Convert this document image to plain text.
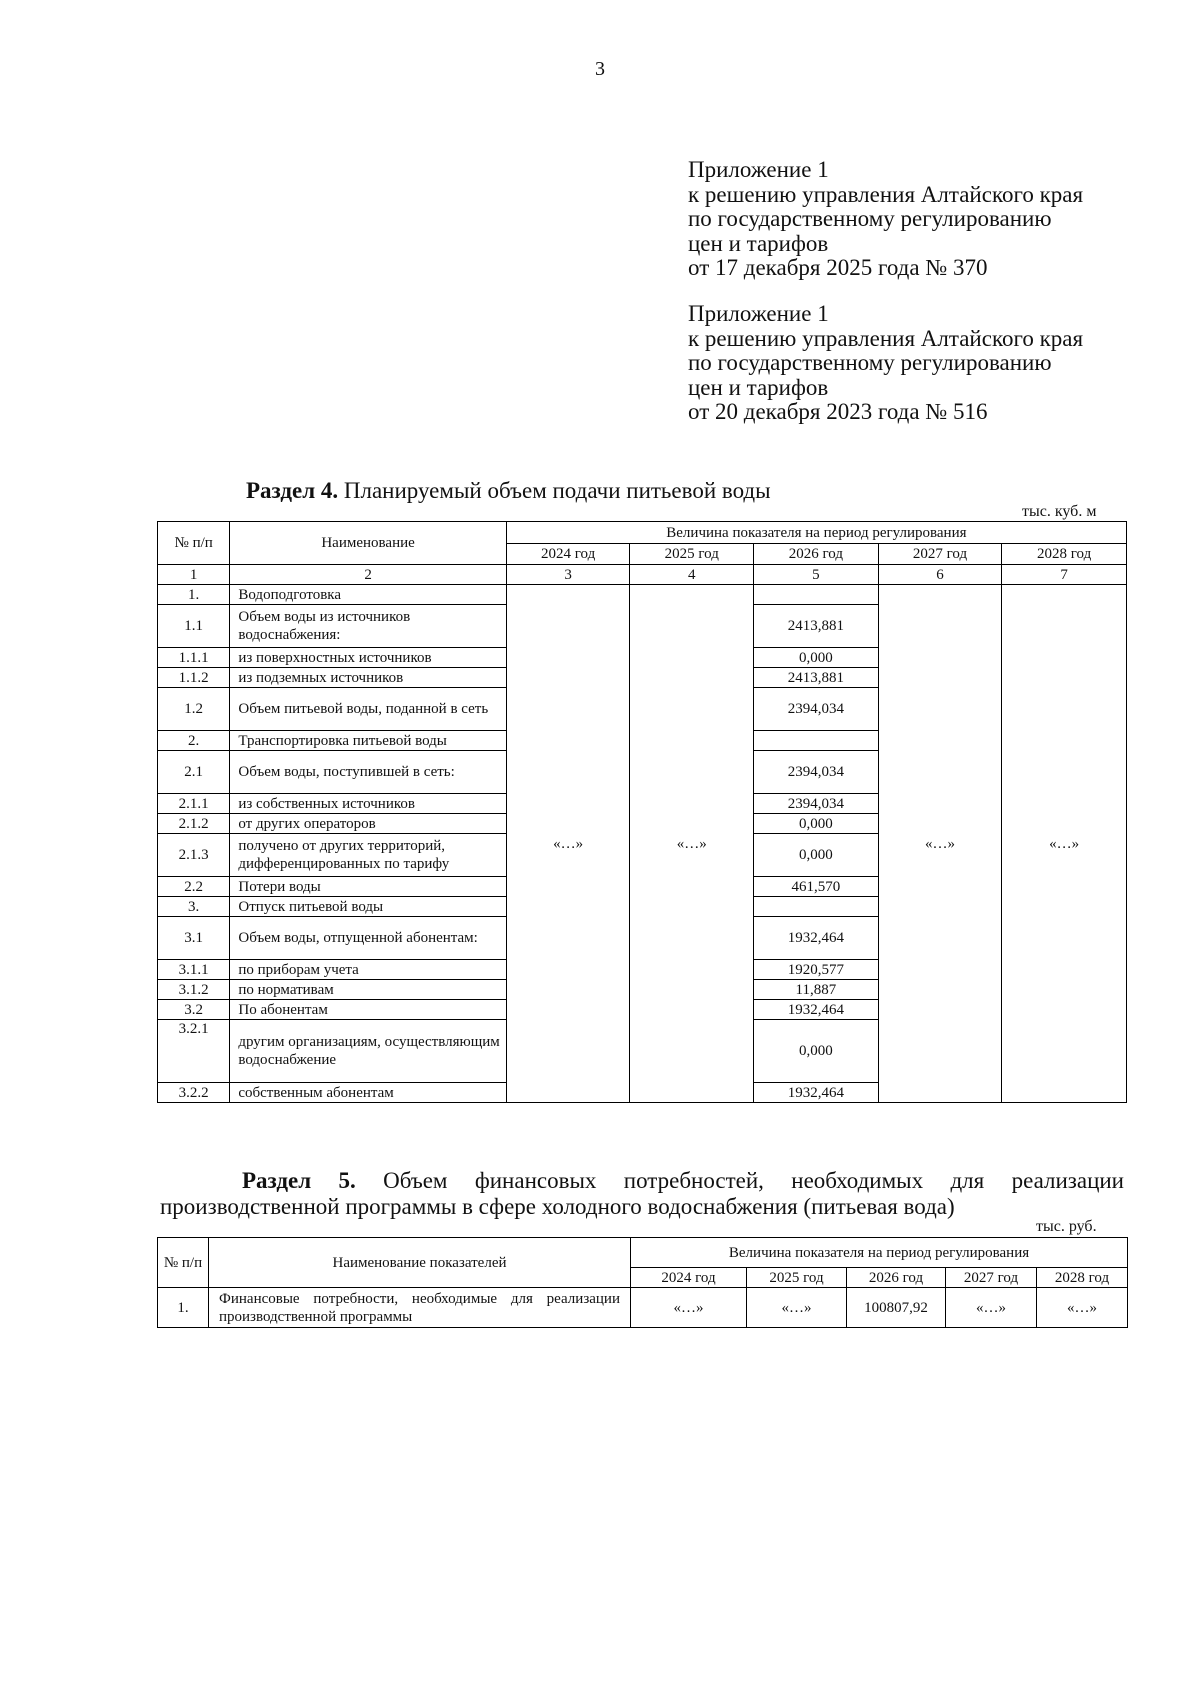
3
Приложение 1
к решению управления Алтайского края
по государственному регулированию
цен и тарифов
от 17 декабря 2025 года № 370
Приложение 1
к решению управления Алтайского края
по государственному регулированию
цен и тарифов
от 20 декабря 2023 года № 516
Раздел 4. Планируемый объем подачи питьевой воды
тыс. куб. м
№ п/п	Наименование	Величина показателя на период регулирования				
		2024 год	2025 год	2026 год	2027 год	2028 год
1	2	3	4	5	6	7
1.	Водоподготовка	«…»	«…»		«…»	«…»
1.1	Объем воды из источников водоснабжения:			2413,881		
1.1.1	из поверхностных источников			0,000		
1.1.2	из подземных источников			2413,881		
1.2	Объем питьевой воды, поданной в сеть			2394,034		
2.	Транспортировка питьевой воды					
2.1	Объем воды, поступившей в сеть:			2394,034		
2.1.1	из собственных источников			2394,034		
2.1.2	от других операторов			0,000		
2.1.3	получено от других территорий, дифференцированных по тарифу			0,000		
2.2	Потери воды			461,570		
3.	Отпуск питьевой воды					
3.1	Объем воды, отпущенной абонентам:			1932,464		
3.1.1	по приборам учета			1920,577		
3.1.2	по нормативам			11,887		
3.2	По абонентам			1932,464		
3.2.1	другим организациям, осуществляющим водоснабжение			0,000		
3.2.2	собственным абонентам			1932,464		
Раздел 5. Объем финансовых потребностей, необходимых для реализации
производственной программы в сфере холодного водоснабжения (питьевая вода)
тыс. руб.
№ п/п	Наименование показателей	Величина показателя на период регулирования				
		2024 год	2025 год	2026 год	2027 год	2028 год
1.	Финансовые потребности, необходимые для реализации производственной программы	«…»	«…»	100807,92	«…»	«…»
